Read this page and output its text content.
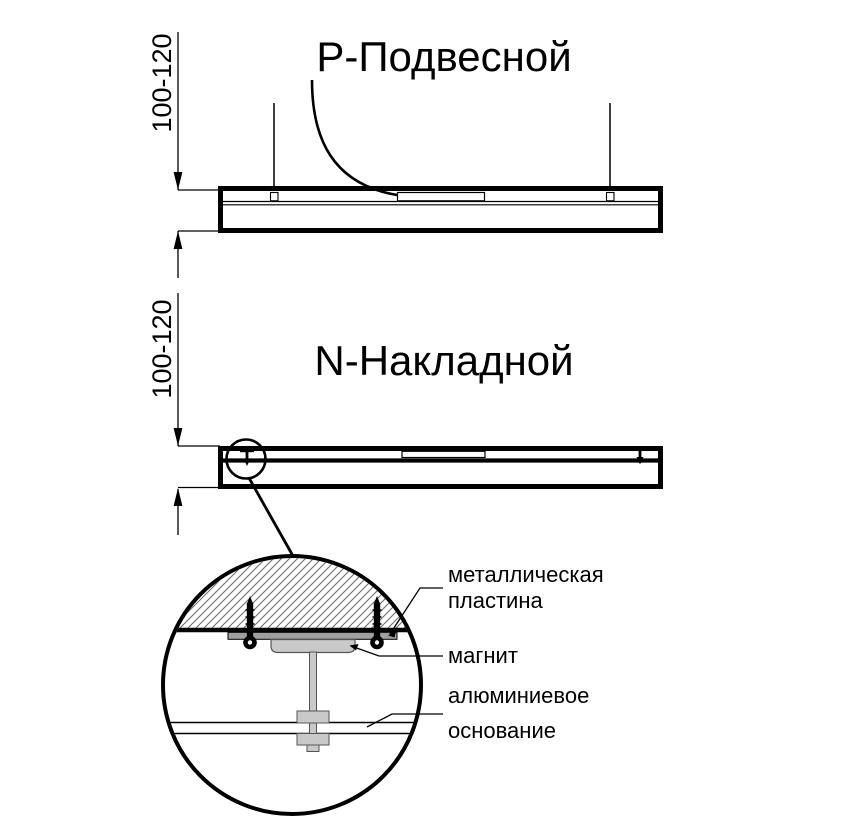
Р-Подвесной
100-120
N-Накладной
100-120
металлическая
пластина
магнит
алюминиевое
основание
